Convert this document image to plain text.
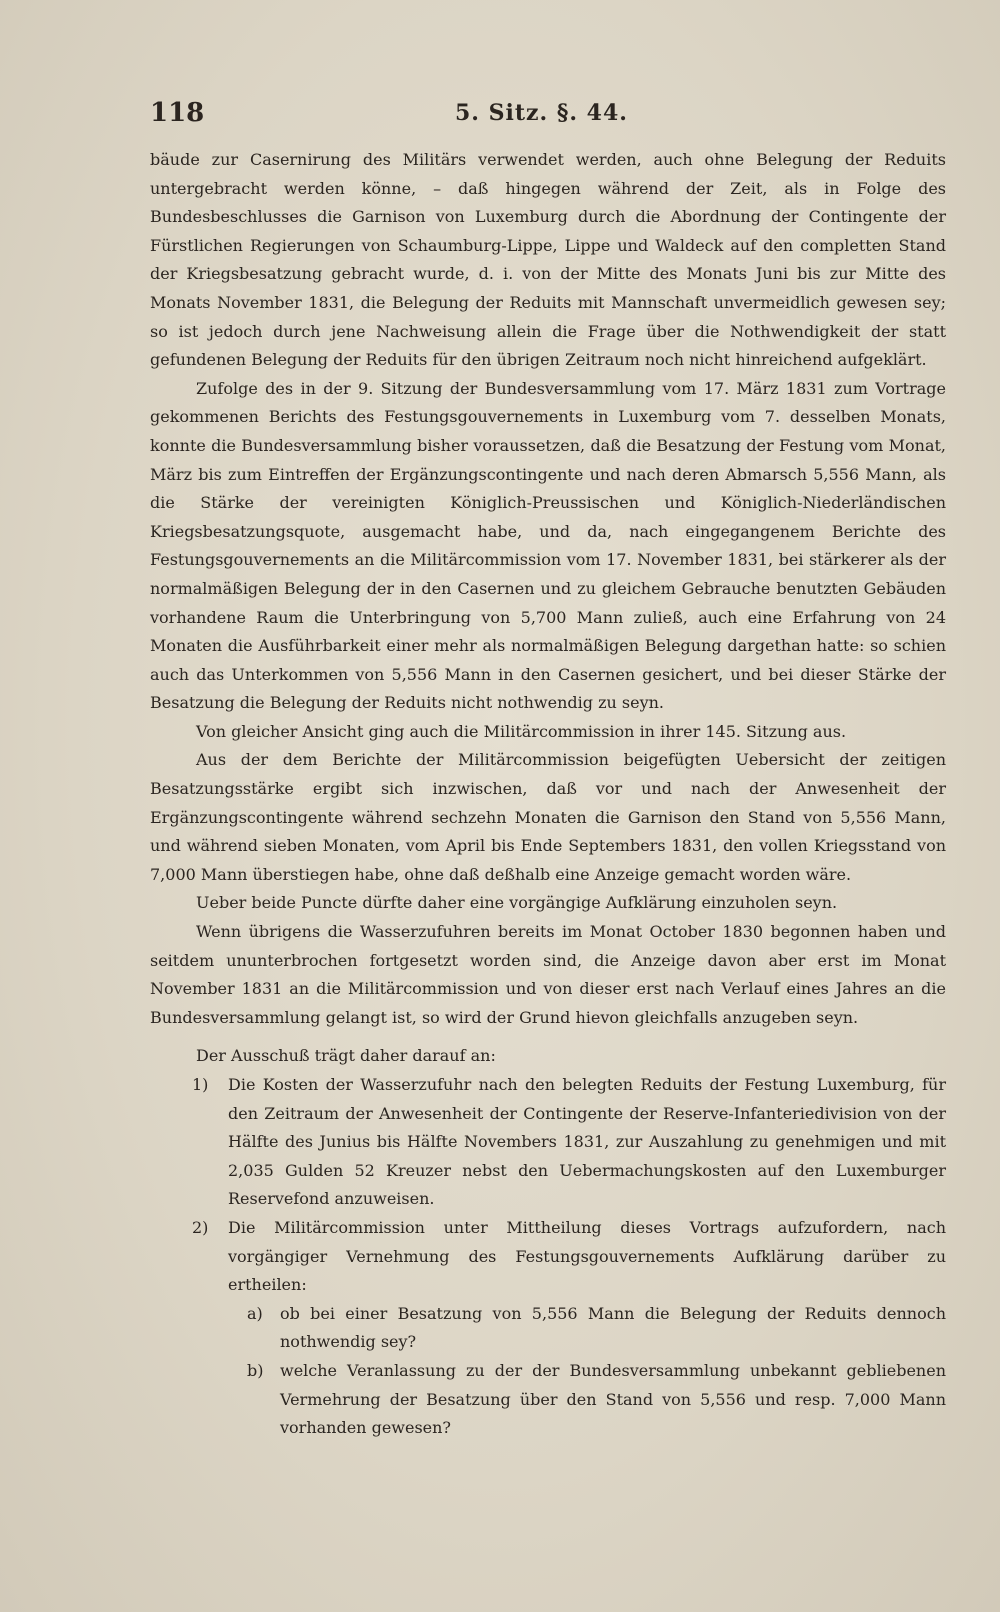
118	5. Sitz. §. 44.

bäude zur Casernirung des Militärs verwendet werden, auch ohne Belegung der Reduits untergebracht werden könne, – daß hingegen während der Zeit, als in Folge des Bundesbeschlusses die Garnison von Luxemburg durch die Abordnung der Contingente der Fürstlichen Regierungen von Schaumburg-Lippe, Lippe und Waldeck auf den completten Stand der Kriegsbesatzung gebracht wurde, d. i. von der Mitte des Monats Juni bis zur Mitte des Monats November 1831, die Belegung der Reduits mit Mannschaft unvermeidlich gewesen sey; so ist jedoch durch jene Nachweisung allein die Frage über die Nothwendigkeit der statt gefundenen Belegung der Reduits für den übrigen Zeitraum noch nicht hinreichend aufgeklärt.

Zufolge des in der 9. Sitzung der Bundesversammlung vom 17. März 1831 zum Vortrage gekommenen Berichts des Festungsgouvernements in Luxemburg vom 7. desselben Monats, konnte die Bundesversammlung bisher voraussetzen, daß die Besatzung der Festung vom Monat, März bis zum Eintreffen der Ergänzungscontingente und nach deren Abmarsch 5,556 Mann, als die Stärke der vereinigten Königlich-Preussischen und Königlich-Niederländischen Kriegsbesatzungsquote, ausgemacht habe, und da, nach eingegangenem Berichte des Festungsgouvernements an die Militärcommission vom 17. November 1831, bei stärkerer als der normalmäßigen Belegung der in den Casernen und zu gleichem Gebrauche benutzten Gebäuden vorhandene Raum die Unterbringung von 5,700 Mann zuließ, auch eine Erfahrung von 24 Monaten die Ausführbarkeit einer mehr als normalmäßigen Belegung dargethan hatte: so schien auch das Unterkommen von 5,556 Mann in den Casernen gesichert, und bei dieser Stärke der Besatzung die Belegung der Reduits nicht nothwendig zu seyn.

Von gleicher Ansicht ging auch die Militärcommission in ihrer 145. Sitzung aus.

Aus der dem Berichte der Militärcommission beigefügten Uebersicht der zeitigen Besatzungsstärke ergibt sich inzwischen, daß vor und nach der Anwesenheit der Ergänzungscontingente während sechzehn Monaten die Garnison den Stand von 5,556 Mann, und während sieben Monaten, vom April bis Ende Septembers 1831, den vollen Kriegsstand von 7,000 Mann überstiegen habe, ohne daß deßhalb eine Anzeige gemacht worden wäre.

Ueber beide Puncte dürfte daher eine vorgängige Aufklärung einzuholen seyn.

Wenn übrigens die Wasserzufuhren bereits im Monat October 1830 begonnen haben und seitdem ununterbrochen fortgesetzt worden sind, die Anzeige davon aber erst im Monat November 1831 an die Militärcommission und von dieser erst nach Verlauf eines Jahres an die Bundesversammlung gelangt ist, so wird der Grund hievon gleichfalls anzugeben seyn.

Der Ausschuß trägt daher darauf an:

1) Die Kosten der Wasserzufuhr nach den belegten Reduits der Festung Luxemburg, für den Zeitraum der Anwesenheit der Contingente der Reserve-Infanteriedivision von der Hälfte des Junius bis Hälfte Novembers 1831, zur Auszahlung zu genehmigen und mit 2,035 Gulden 52 Kreuzer nebst den Uebermachungskosten auf den Luxemburger Reservefond anzuweisen.
2) Die Militärcommission unter Mittheilung dieses Vortrags aufzufordern, nach vorgängiger Vernehmung des Festungsgouvernements Aufklärung darüber zu ertheilen:
a) ob bei einer Besatzung von 5,556 Mann die Belegung der Reduits dennoch nothwendig sey?
b) welche Veranlassung zu der der Bundesversammlung unbekannt gebliebenen Vermehrung der Besatzung über den Stand von 5,556 und resp. 7,000 Mann vorhanden gewesen?
